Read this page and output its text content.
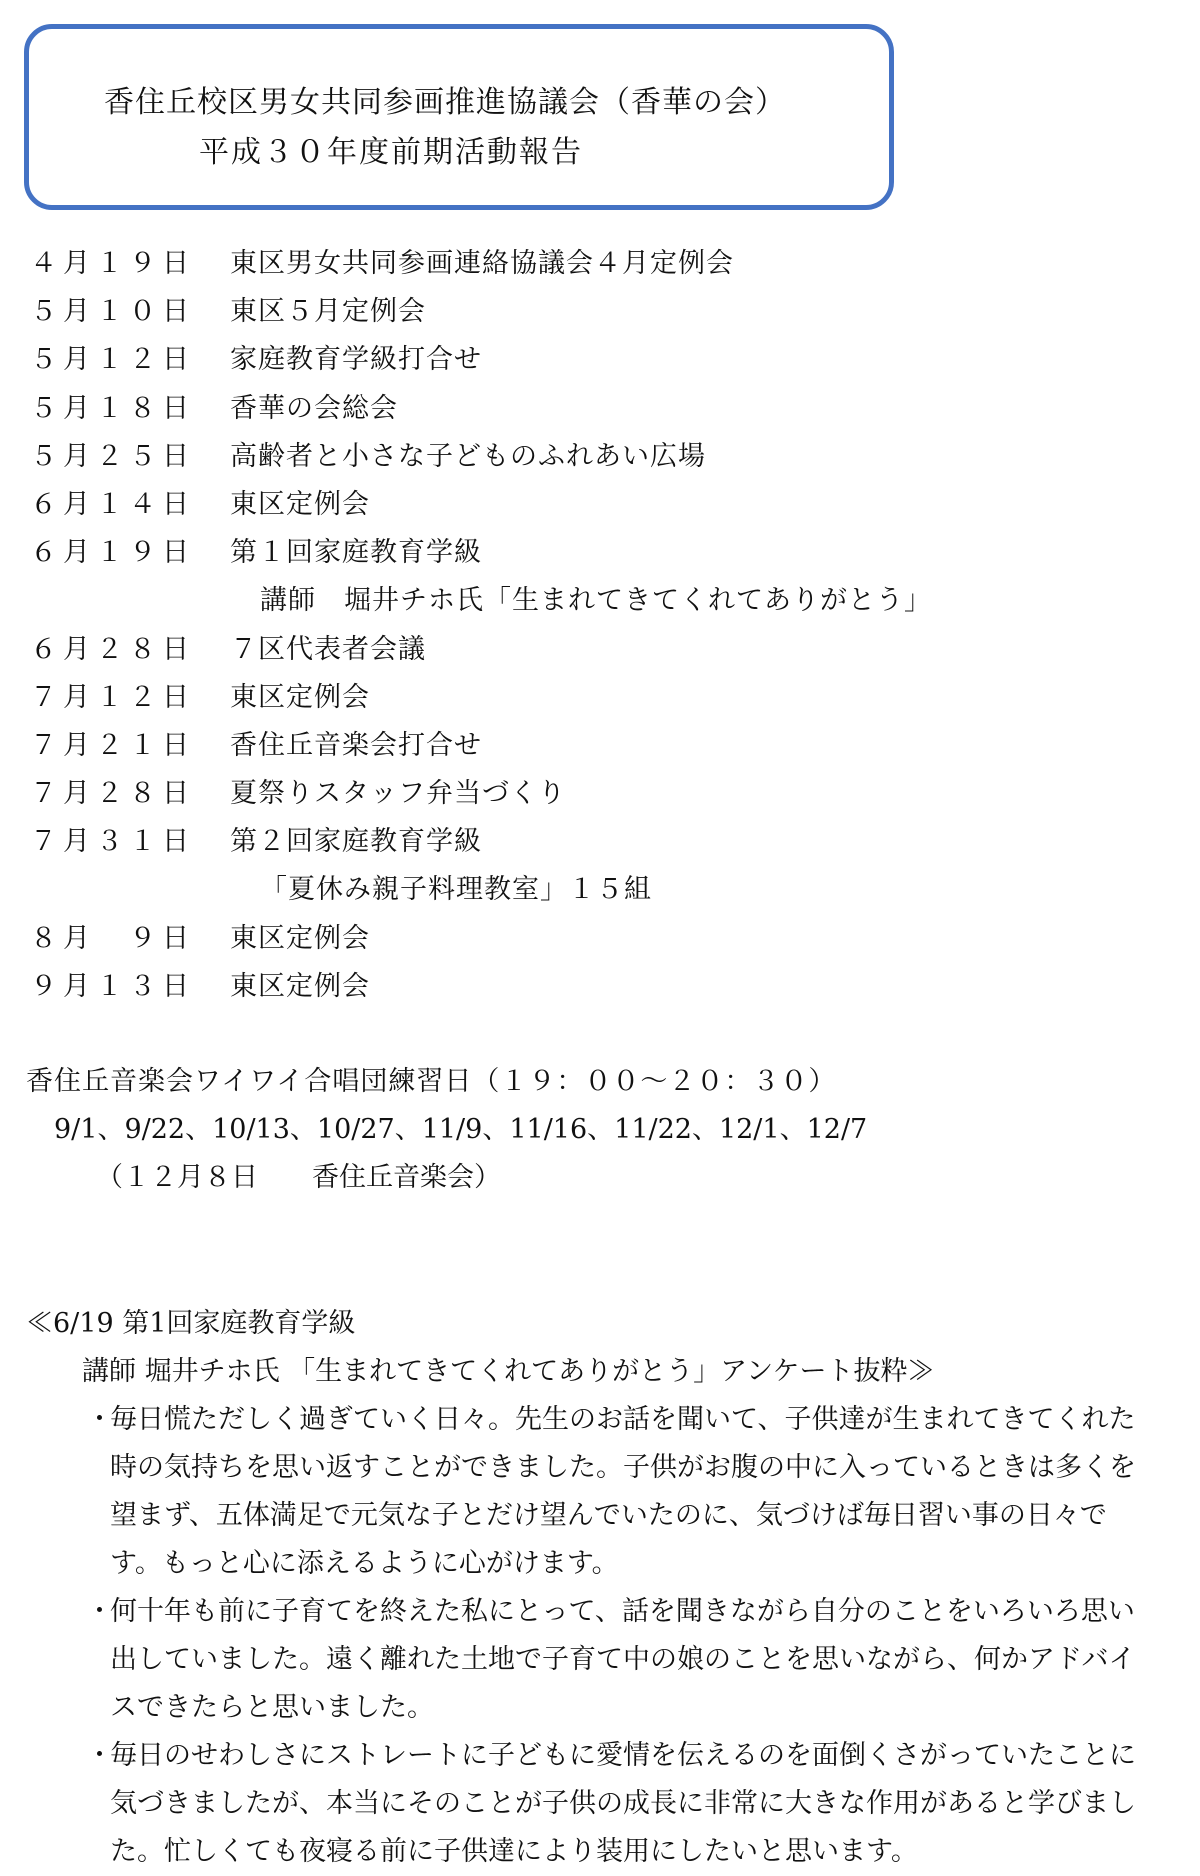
香住丘校区男女共同参画推進協議会（香華の会）
平成３０年度前期活動報告
４月１９日 東区男女共同参画連絡協議会４月定例会
５月１０日 東区５月定例会
５月１２日 家庭教育学級打合せ
５月１８日 香華の会総会
５月２５日 高齢者と小さな子どものふれあい広場
６月１４日 東区定例会
６月１９日 第１回家庭教育学級
講師　堀井チホ氏「生まれてきてくれてありがとう」
６月２８日 ７区代表者会議
７月１２日 東区定例会
７月２１日 香住丘音楽会打合せ
７月２８日 夏祭りスタッフ弁当づくり
７月３１日 第２回家庭教育学級
「夏休み親子料理教室」１５組
８月　９日 東区定例会
９月１３日 東区定例会
香住丘音楽会ワイワイ合唱団練習日（１９：００～２０：３０）
9/1、9/22、10/13、10/27、11/9、11/16、11/22、12/1、12/7
（１２月８日　　香住丘音楽会）
≪6/19 第1回家庭教育学級
講師 堀井チホ氏 「生まれてきてくれてありがとう」アンケート抜粋≫
・
毎日慌ただしく過ぎていく日々。先生のお話を聞いて、子供達が生まれてきてくれた時の気持ちを思い返すことができました。子供がお腹の中に入っているときは多くを望まず、五体満足で元気な子とだけ望んでいたのに、気づけば毎日習い事の日々です。もっと心に添えるように心がけます。
・
何十年も前に子育てを終えた私にとって、話を聞きながら自分のことをいろいろ思い出していました。遠く離れた土地で子育て中の娘のことを思いながら、何かアドバイスできたらと思いました。
・
毎日のせわしさにストレートに子どもに愛情を伝えるのを面倒くさがっていたことに気づきましたが、本当にそのことが子供の成長に非常に大きな作用があると学びました。忙しくても夜寝る前に子供達により装用にしたいと思います。
